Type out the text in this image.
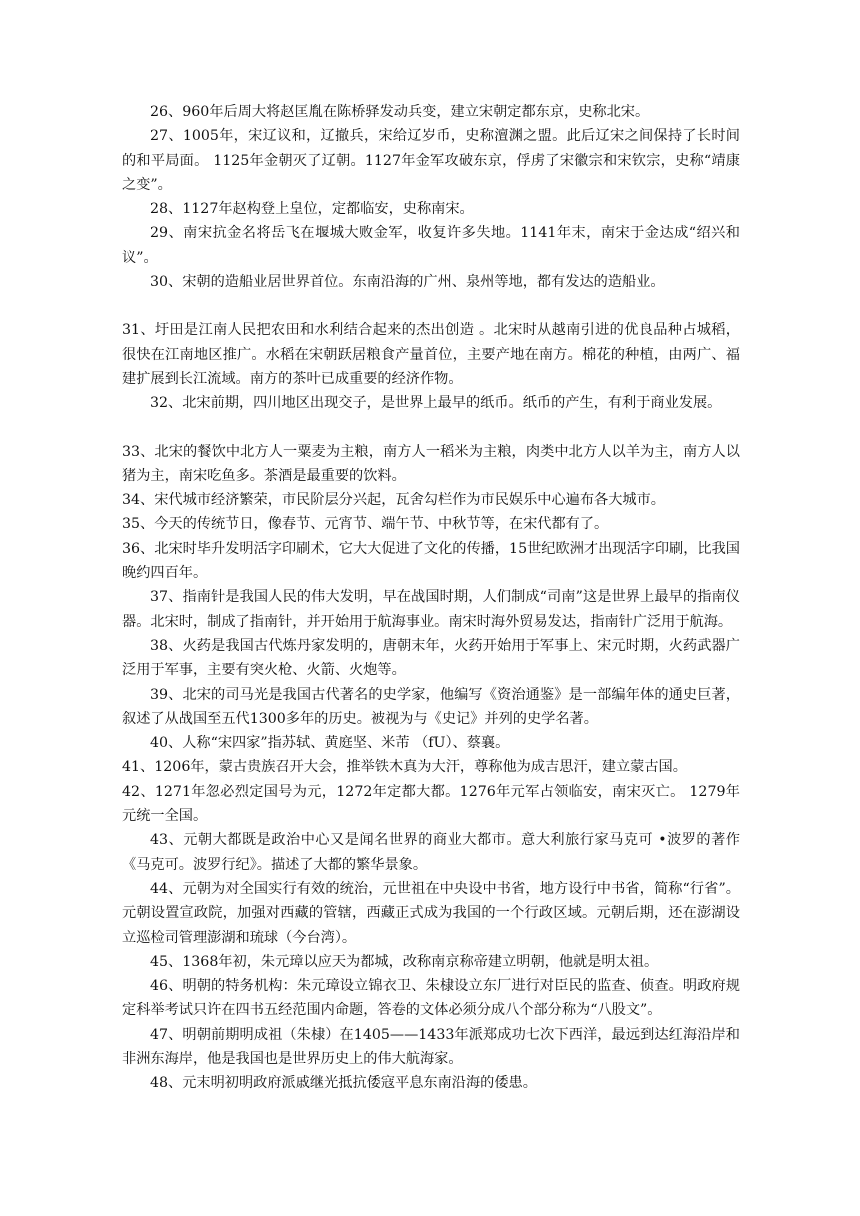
26、960年后周大将赵匡胤在陈桥驿发动兵变，建立宋朝定都东京，史称北宋。

27、1005年，宋辽议和，辽撤兵，宋给辽岁币，史称澶渊之盟。此后辽宋之间保持了长时间的和平局面。 1125年金朝灭了辽朝。1127年金军攻破东京，俘虏了宋徽宗和宋钦宗，史称“靖康之变”。

28、1127年赵构登上皇位，定都临安，史称南宋。

29、南宋抗金名将岳飞在堰城大败金军，收复许多失地。1141年末，南宋于金达成“绍兴和议”。

30、宋朝的造船业居世界首位。东南沿海的广州、泉州等地，都有发达的造船业。

31、圩田是江南人民把农田和水利结合起来的杰出创造 。北宋时从越南引进的优良品种占城稻，很快在江南地区推广。水稻在宋朝跃居粮食产量首位，主要产地在南方。棉花的种植，由两广、福建扩展到长江流域。南方的茶叶已成重要的经济作物。

32、北宋前期，四川地区出现交子，是世界上最早的纸币。纸币的产生，有利于商业发展。

33、北宋的餐饮中北方人一粟麦为主粮，南方人一稻米为主粮，肉类中北方人以羊为主，南方人以猪为主，南宋吃鱼多。茶酒是最重要的饮料。

34、宋代城市经济繁荣，市民阶层分兴起，瓦舍勾栏作为市民娱乐中心遍布各大城市。

35、今天的传统节日，像春节、元宵节、端午节、中秋节等，在宋代都有了。

36、北宋时毕升发明活字印刷术，它大大促进了文化的传播，15世纪欧洲才出现活字印刷，比我国晚约四百年。

37、指南针是我国人民的伟大发明，早在战国时期，人们制成“司南”这是世界上最早的指南仪器。北宋时，制成了指南针，并开始用于航海事业。南宋时海外贸易发达，指南针广泛用于航海。

38、火药是我国古代炼丹家发明的，唐朝末年，火药开始用于军事上、宋元时期，火药武器广泛用于军事，主要有突火枪、火箭、火炮等。

39、北宋的司马光是我国古代著名的史学家，他编写《资治通鉴》是一部编年体的通史巨著，叙述了从战国至五代1300多年的历史。被视为与《史记》并列的史学名著。

40、人称“宋四家”指苏轼、黄庭坚、米芾 （fU）、蔡襄。

41、1206年，蒙古贵族召开大会，推举铁木真为大汗，尊称他为成吉思汗，建立蒙古国。

42、1271年忽必烈定国号为元，1272年定都大都。1276年元军占领临安，南宋灭亡。 1279年元统一全国。

43、元朝大都既是政治中心又是闻名世界的商业大都市。意大利旅行家马克可 •波罗的著作《马克可。波罗行纪》。描述了大都的繁华景象。

44、元朝为对全国实行有效的统治，元世祖在中央设中书省，地方设行中书省，简称“行省”。元朝设置宣政院，加强对西藏的管辖，西藏正式成为我国的一个行政区域。元朝后期，还在澎湖设立巡检司管理澎湖和琉球（今台湾）。

45、1368年初，朱元璋以应天为都城，改称南京称帝建立明朝，他就是明太祖。

46、明朝的特务机构：朱元璋设立锦衣卫、朱棣设立东厂进行对臣民的监查、侦查。明政府规定科举考试只许在四书五经范围内命题，答卷的文体必须分成八个部分称为“八股文”。

47、明朝前期明成祖（朱棣）在1405——1433年派郑成功七次下西洋，最远到达红海沿岸和非洲东海岸，他是我国也是世界历史上的伟大航海家。

48、元末明初明政府派戚继光抵抗倭寇平息东南沿海的倭患。
